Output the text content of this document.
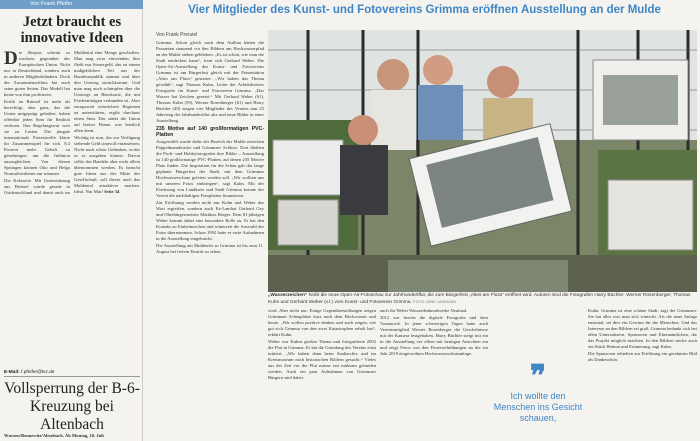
Von Frank Pfeifer
Jetzt braucht es innovative Ideen

Die Skepsis scheint so wachsen gegenüber der Europäischen Union. Nicht nur in Deutschland, sondern auch in anderen Mitgliedsländern. Doch der Zusammenschluss hat auch seine guten Seiten. Das Modell hat keine von ihm profitieren.

Kritik an Brüssel ist mehr als berechtigt, aber ganz, das die Union mitgeprägt gehalten, haben offenbar jeden Sinn für Realität verloren. Ihre Regelungswut weit sie zu Lasten. Die jüngste internationale Protestwelle klärte ihr Zusammenspiel für sich. 8,3 Prozent mehr Gehalt zu genehmigen, um die Inflation auszugleichen. Von diesen Sprüngen können Otto und Helga Normalverdiener nur träumen.

Die Kehrseite. Mit Unterstützung aus Brüssel würde gerade in Ostdeutschland und damit auch im Muldental eine Menge geschaffen. Man mag zwar einwenden, hier fließt nur Steuergeld, das zu einem maßgeblichen Teil aus der Bundesrepublik stammt und über den Umweg zurückkommt. Und man mag auch schimpfen über die Umwege an Bürokratie, die mit Förderanträgen verbunden ist. Aber europaweit schwächere Regionen zu unterstützen, ergibt durchaus einen Sinn. Das stärkt die Union auf breiter Ebene, was letztlich allen dient.

Wichtig ist nun, das zur Verfügung stehende Geld sinnvoll einzusetzen. Nicht nach schon Gedanken, wofür es es ausgeben könnte. Davon sollte das Handeln aber nicht allein übernommen werden. Es braucht gute Ideen aus der Mitte der Gesellschaft, soll dieses auch das Muldental attraktiver machen. Ideal. Nur Mut! Seite 34

E-Mail: f.pfeifer@lvz.de
Vollsperrung der B-6-Kreuzung bei Altenbach
Wurzen/Bennewitz/Altenbach. Ab Montag, 10. Juli
Vier Mitglieder des Kunst- und Fotovereins Grimma eröffnen Ausstellung an der Mulde
Von Frank Prenzel

Grimma. Schon gleich nach dem Aufbau hätten die Passanten staunend vor den Bildern am Hochwasserpfad an der Mulde stehen geblieben. „Es ist schön, wie man die Stadt entdecken kann“, freut sich Gerhard Weber. Die Open-Air-Ausstellung des Kunst- und Fotovereins Grimma ist am Bürgerfest gleich mit der Präsentation „Altes am Fluss“ gestartet. „Wir haben das Thema gewählt“, sagt Thomas Kuhn, Leiter der Arbeitskreises Fotografie im Kunst- und Fotoverein Grimma. „Das Wasser hat Zeichen gesetzt.“ Mit Gerhard Weber (61), Thomas Kuhn (59), Werner Rosenberger (61) und Harry Büchler (49) zeigen vier Mitglieder des Vereins nun 25 Jahrestag der Jahrhundertflut alte und neue Bilder in einer Ausstellung.

235 Motive auf 140 großformatigen PVC-Platten

Ausgewählt wurde dafür der Bereich der Mulde zwischen Pöppelmannbrücke und Grimmaer Schloss. Dort bleiben die Profi- und Hobbyfotografen ihre Bilder – Ausstellung ist 140 großformatige PVC-Platten, auf denen 235 Motive Platz finden. Die Inspiration für die Schau gab das lange geplante Bürgerfest der Stadt, mit dem Grimmas Hochwasserschutz gefeiert werden soll. „Wir wollten uns mit unseren Fotos einbringen“, sagt Kuhn. Mit der Förderung von Landkreis und Stadt Grimma konnte der Verein die nachhaltigen Fotoplatten finanzieren.

Zur Eröffnung werden nicht nur Kuhn und Weber das Wort ergreifen, sondern auch Ex-Landrat Gerhard Gey und Oberbürgermeister Matthias Berger. Dem 81-jährigen Weber kommt dabei eine besondere Rolle zu. Er hat den Kontakt zu Einheimischen und seinerzeit die Auswahl der Fotos übernommen. Schon 1992 hatte er erste Aufnahmen in die Ausstellung eingebracht.

Die Ausstellung am Muldeufer in Grimma ist bis zum 11. August bei freiem Eintritt zu sehen.

„Wasserzeichen“ heißt die neue Open-Air-Fotoschau zur Jahrhundertflut, die zum Bürgerfest „Altes am Fluss“ eröffnet wird. Autoren sind die Fotografen Harry Büchler, Werner Rosenberger, Thomas Kuhn und Gerhard Weber (v.l.) vom Kunst- und Fotoverein Grimma. FOTO: DIRK JASMUND

wird. Aber nicht nur. Einige Gegenüberstellungen zeigen Grimmaer Schauplätze kurz nach dem Hochwasser und heute. „Wir wollen positive denken und auch zeigen, wie gut sich Grimma von den zwei Katastrophen erholt hat“, erklärt Kuhn.

Weber war Kuhns großen Thema und fotografierte 2002 die Flut in Grimma. Er hat die Gründung des Vereins einst initiiert. „Wir haben dann beim Stadtarchiv und im Kreismuseum nach historischen Bildern gesucht.“ Vieles aus der Zeit vor der Flut müsse erst mühsam gefunden werden. Auch ein paar Aufnahmen von Grimmaer Bürgern sind dabei.

auch für Weber Wasserdenkmalwerke Neuland.

2012 war bereits die digitale Fotografie und dem Vormarsch. In jener schwierigen Tagen hatte auch Vereinsmitglied Werner Rosenberger die Geschehnisse mit der Kamera festgehalten. Harry Büchler steigt mit ein in die Ausstellung vor allem mit heutigen Ansichten ein und zeigt Fotos von den Feuerwehrübungen an der im Jahr 2019 eingeweihten Hochwasserschutzanlage.

❞
Ich wollte den Menschen ins Gesicht schauen,

Kuhn. Grimma ist eine schöne Stadt, sagt der Grimmaer. Sie hat alles was man sich wünscht. Als die neue Anlage entstand, sei dies ein Gewinn für die Menschen. Und das Interesse an den Bildern sei groß. Grimma bedankt sich bei allen Unterstützern, Sponsoren und Ehrenamtlichen, die das Projekt möglich machten. In den Bildern stecke auch ein Stück Heimat und Erinnerung, sagt Kuhn.

Die Sponsoren erhielten zur Eröffnung ein gerahmtes Bild als Dankeschön.
